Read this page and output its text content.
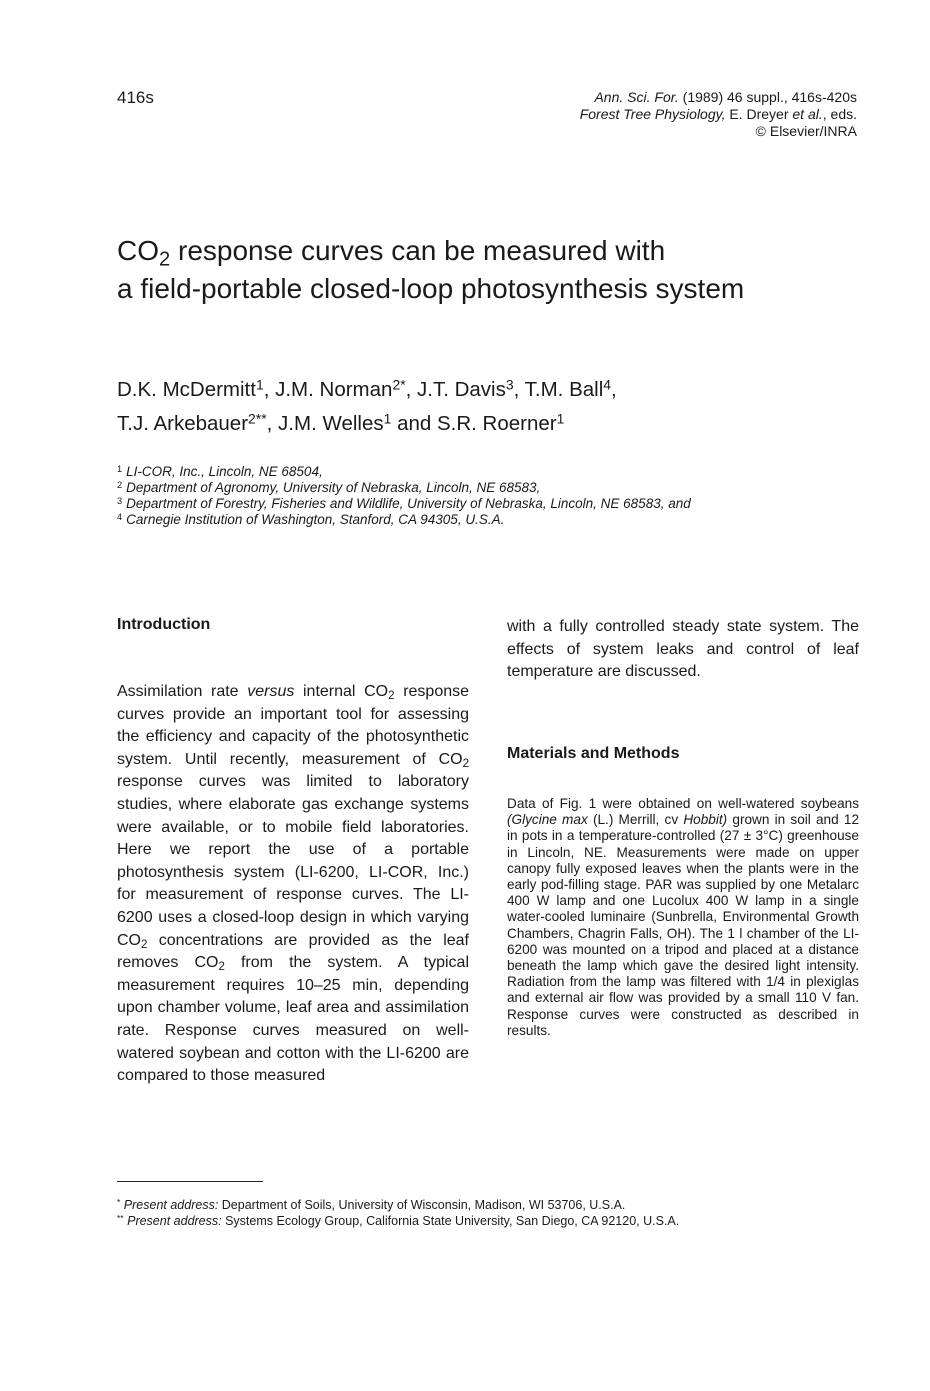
416s	Ann. Sci. For. (1989) 46 suppl., 416s-420s
Forest Tree Physiology, E. Dreyer et al., eds.
© Elsevier/INRA
$CO_2$ response curves can be measured with
a field-portable closed-loop photosynthesis system
D.K. McDermitt$^1$, J.M. Norman$^{2*}$, J.T. Davis$^3$, T.M. Ball$^4$,
T.J. Arkebauer$^{2**}$, J.M. Welles$^1$ and S.R. Roerner$^1$
$^1$ LI-COR, Inc., Lincoln, NE 68504,
$^2$ Department of Agronomy, University of Nebraska, Lincoln, NE 68583,
$^3$ Department of Forestry, Fisheries and Wildlife, University of Nebraska, Lincoln, NE 68583, and
$^4$ Carnegie Institution of Washington, Stanford, CA 94305, U.S.A.
Introduction
Assimilation rate versus internal $CO_2$ response curves provide an important tool for assessing the efficiency and capacity of the photosynthetic system. Until recently, measurement of $CO_2$ response curves was limited to laboratory studies, where elaborate gas exchange systems were available, or to mobile field laboratories. Here we report the use of a portable photosynthesis system (LI-6200, LI-COR, Inc.) for measurement of response curves. The LI-6200 uses a closed-loop design in which varying $CO_2$ concentrations are provided as the leaf removes $CO_2$ from the system. A typical measurement requires 10–25 min, depending upon chamber volume, leaf area and assimilation rate. Response curves measured on well-watered soybean and cotton with the LI-6200 are compared to those measured
with a fully controlled steady state system. The effects of system leaks and control of leaf temperature are discussed.
Materials and Methods
Data of Fig. 1 were obtained on well-watered soybeans (Glycine max (L.) Merrill, cv Hobbit) grown in soil and 12 in pots in a temperature-controlled (27 ± 3°C) greenhouse in Lincoln, NE. Measurements were made on upper canopy fully exposed leaves when the plants were in the early pod-filling stage. PAR was supplied by one Metalarc 400 W lamp and one Lucolux 400 W lamp in a single water-cooled luminaire (Sunbrella, Environmental Growth Chambers, Chagrin Falls, OH). The 1 l chamber of the LI-6200 was mounted on a tripod and placed at a distance beneath the lamp which gave the desired light intensity. Radiation from the lamp was filtered with 1/4 in plexiglas and external air flow was provided by a small 110 V fan. Response curves were constructed as described in results.
* Present address: Department of Soils, University of Wisconsin, Madison, WI 53706, U.S.A.
** Present address: Systems Ecology Group, California State University, San Diego, CA 92120, U.S.A.
